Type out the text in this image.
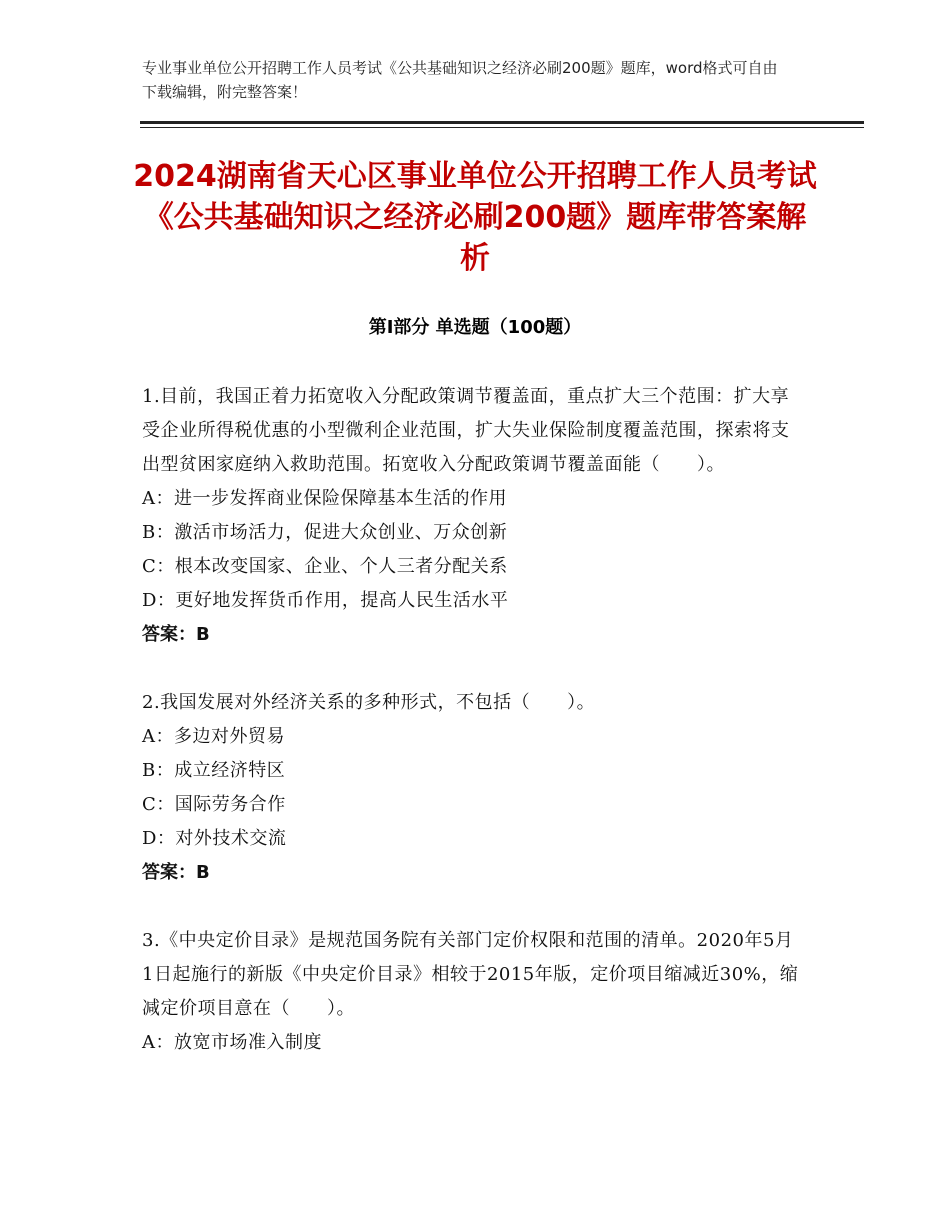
专业事业单位公开招聘工作人员考试《公共基础知识之经济必刷200题》题库，word格式可自由下载编辑，附完整答案！
2024湖南省天心区事业单位公开招聘工作人员考试《公共基础知识之经济必刷200题》题库带答案解析
第Ⅰ部分 单选题（100题）
1.目前，我国正着力拓宽收入分配政策调节覆盖面，重点扩大三个范围：扩大享受企业所得税优惠的小型微利企业范围，扩大失业保险制度覆盖范围，探索将支出型贫困家庭纳入救助范围。拓宽收入分配政策调节覆盖面能（　　）。
A：进一步发挥商业保险保障基本生活的作用
B：激活市场活力，促进大众创业、万众创新
C：根本改变国家、企业、个人三者分配关系
D：更好地发挥货币作用，提高人民生活水平
答案：B
2.我国发展对外经济关系的多种形式，不包括（　　）。
A：多边对外贸易
B：成立经济特区
C：国际劳务合作
D：对外技术交流
答案：B
3.《中央定价目录》是规范国务院有关部门定价权限和范围的清单。2020年5月1日起施行的新版《中央定价目录》相较于2015年版，定价项目缩减近30%，缩减定价项目意在（　　）。
A：放宽市场准入制度
